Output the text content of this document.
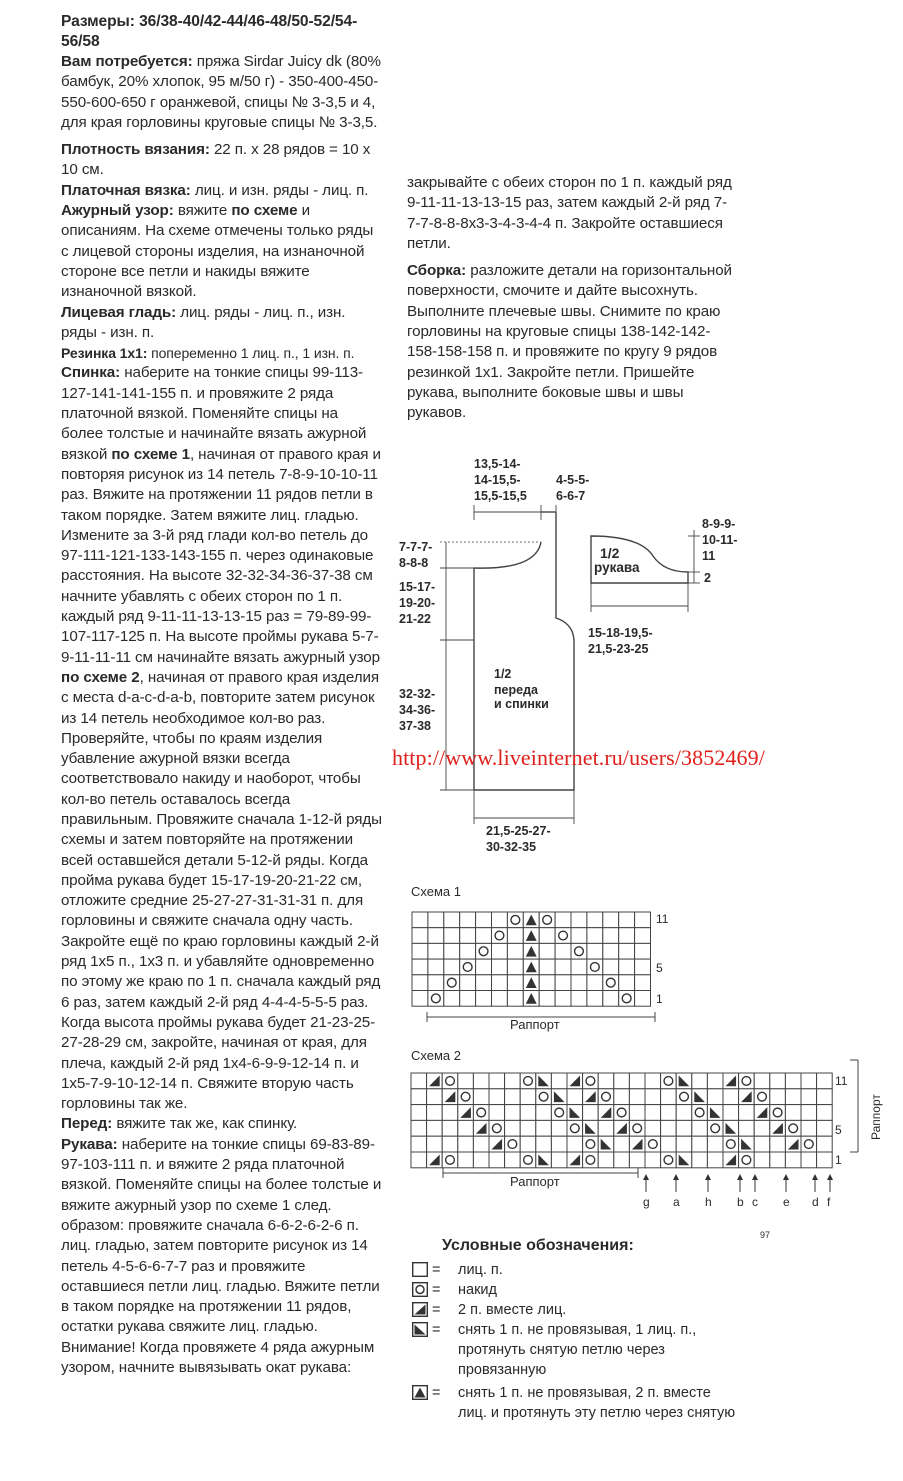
Размеры: 36/38-40/42-44/46-48/50-52/54-56/58

Вам потребуется: пряжа Sirdar Juicy dk (80% бамбук, 20% хлопок, 95 м/50 г) - 350-400-450-550-600-650 г оранжевой, спицы № 3-3,5 и 4, для края горловины круговые спицы № 3-3,5.

Плотность вязания: 22 п. х 28 рядов = 10 х 10 см.

Платочная вязка: лиц. и изн. ряды - лиц. п.

Ажурный узор: вяжите по схеме и описаниям. На схеме отмечены только ряды с лицевой стороны изделия, на изнаночной стороне все петли и накиды вяжите изнаночной вязкой.

Лицевая гладь: лиц. ряды - лиц. п., изн. ряды - изн. п.

Резинка 1х1: попеременно 1 лиц. п., 1 изн. п.

Спинка: наберите на тонкие спицы 99-113-127-141-141-155 п. и провяжите 2 ряда платочной вязкой. Поменяйте спицы на более толстые и начинайте вязать ажурной вязкой по схеме 1, начиная от правого края и повторяя рисунок из 14 петель 7-8-9-10-10-11 раз. Вяжите на протяжении 11 рядов петли в таком порядке. Затем вяжите лиц. гладью. Измените за 3-й ряд глади кол-во петель до 97-111-121-133-143-155 п. через одинаковые расстояния. На высоте 32-32-34-36-37-38 см начните убавлять с обеих сторон по 1 п. каждый ряд 9-11-11-13-13-15 раз = 79-89-99-107-117-125 п. На высоте проймы рукава 5-7-9-11-11-11 см начинайте вязать ажурный узор по схеме 2, начиная от правого края изделия с места d-a-c-d-a-b, повторите затем рисунок из 14 петель необходимое кол-во раз. Проверяйте, чтобы по краям изделия убавление ажурной вязки всегда соответствовало накиду и наоборот, чтобы кол-во петель оставалось всегда правильным. Провяжите сначала 1-12-й ряды схемы и затем повторяйте на протяжении всей оставшейся детали 5-12-й ряды. Когда пройма рукава будет 15-17-19-20-21-22 см, отложите средние 25-27-27-31-31-31 п. для горловины и свяжите сначала одну часть. Закройте ещё по краю горловины каждый 2-й ряд 1х5 п., 1х3 п. и убавляйте одновременно по этому же краю по 1 п. сначала каждый ряд 6 раз, затем каждый 2-й ряд 4-4-4-5-5-5 раз. Когда высота проймы рукава будет 21-23-25-27-28-29 см, закройте, начиная от края, для плеча, каждый 2-й ряд 1х4-6-9-9-12-14 п. и 1х5-7-9-10-12-14 п. Свяжите вторую часть горловины так же.

Перед: вяжите так же, как спинку.

Рукава: наберите на тонкие спицы 69-83-89-97-103-111 п. и вяжите 2 ряда платочной вязкой. Поменяйте спицы на более толстые и вяжите ажурный узор по схеме 1 след. образом: провяжите сначала 6-6-2-6-2-6 п. лиц. гладью, затем повторите рисунок из 14 петель 4-5-6-6-7-7 раз и провяжите оставшиеся петли лиц. гладью. Вяжите петли в таком порядке на протяжении 11 рядов, остатки рукава свяжите лиц. гладью. Внимание! Когда провяжете 4 ряда ажурным узором, начните вывязывать окат рукава:

закрывайте с обеих сторон по 1 п. каждый ряд 9-11-11-13-13-15 раз, затем каждый 2-й ряд 7-7-7-8-8-8х3-3-4-3-4-4 п. Закройте оставшиеся петли.

Сборка: разложите детали на горизонтальной поверхности, смочите и дайте высохнуть. Выполните плечевые швы. Снимите по краю горловины на круговые спицы 138-142-142-158-158-158 п. и провяжите по кругу 9 рядов резинкой 1х1. Закройте петли. Пришейте рукава, выполните боковые швы и швы рукавов.

13,5-14-
14-15,5-
15,5-15,5
4-5-5-
6-6-7
7-7-7-
8-8-8
15-17-
19-20-
21-22
32-32-
34-36-
37-38
21,5-25-27-
30-32-35
1/2
переда
и спинки
8-9-9-
10-11-
11
2
15-18-19,5-
21,5-23-25
1/2
рукава
Схема 1
11
5
1
Раппорт
Схема 2
11
5
1
Раппорт
Раппорт
g a h b c e d f
97
http://www.liveinternet.ru/users/3852469/
Условные обозначения:
= лиц. п.
= накид
= 2 п. вместе лиц.
= снять 1 п. не провязывая, 1 лиц. п., протянуть снятую петлю через провязанную
= снять 1 п. не провязывая, 2 п. вместе лиц. и протянуть эту петлю через снятую
